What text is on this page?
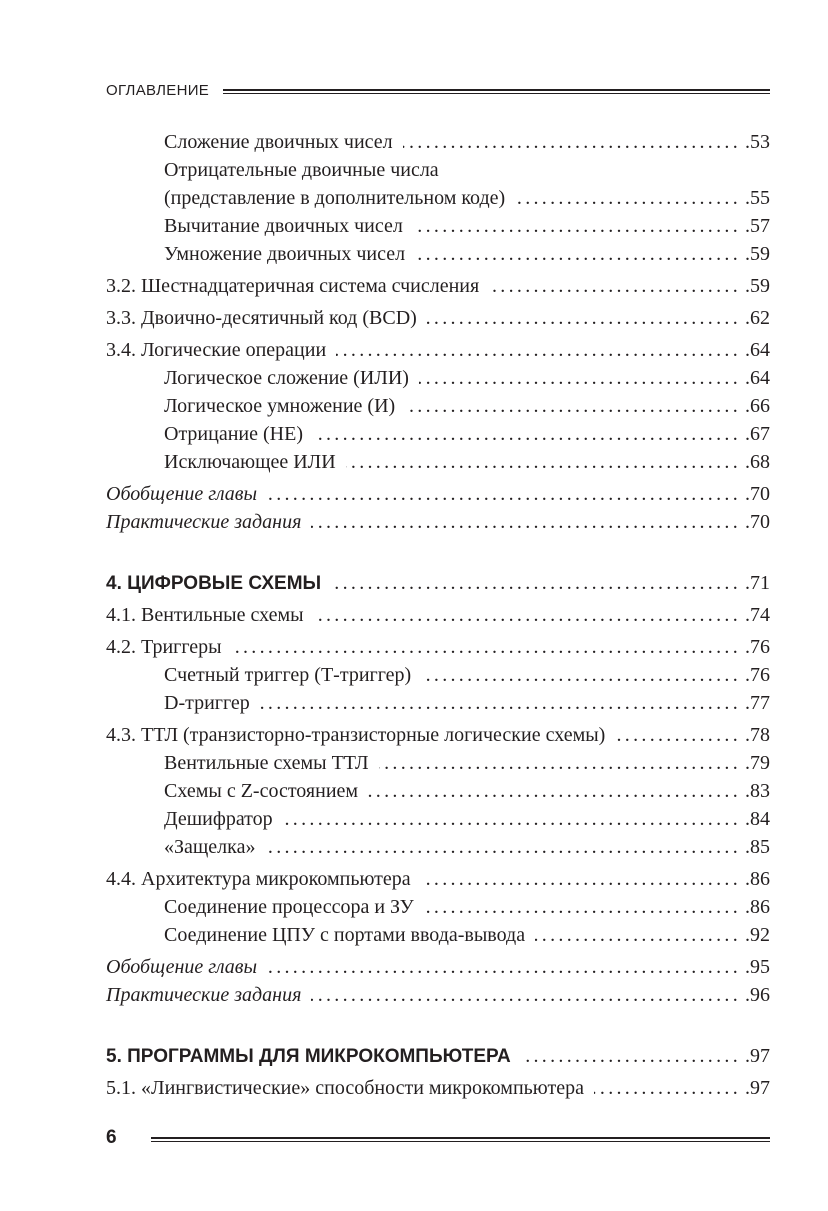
ОГЛАВЛЕНИЕ
Сложение двоичных чисел .....	.53
Отрицательные двоичные числа
(представление в дополнительном коде) .....	.55
Вычитание двоичных чисел .....	.57
Умножение двоичных чисел .....	.59
3.2. Шестнадцатеричная система счисления .....	.59
3.3. Двоично-десятичный код (BCD) .....	.62
3.4. Логические операции .....	.64
Логическое сложение (ИЛИ) .....	.64
Логическое умножение (И) .....	.66
Отрицание (НЕ) .....	.67
Исключающее ИЛИ .....	.68
Обобщение главы .....	.70
Практические задания .....	.70
4. ЦИФРОВЫЕ СХЕМЫ .....	.71
4.1. Вентильные схемы .....	.74
4.2. Триггеры .....	.76
Счетный триггер (Т-триггер) .....	.76
D-триггер .....	.77
4.3. ТТЛ (транзисторно-транзисторные логические схемы) .....	.78
Вентильные схемы ТТЛ .....	.79
Схемы с Z-состоянием .....	.83
Дешифратор .....	.84
«Защелка» .....	.85
4.4. Архитектура микрокомпьютера .....	.86
Соединение процессора и ЗУ .....	.86
Соединение ЦПУ с портами ввода-вывода .....	.92
Обобщение главы .....	.95
Практические задания .....	.96
5. ПРОГРАММЫ ДЛЯ МИКРОКОМПЬЮТЕРА .....	.97
5.1. «Лингвистические» способности микрокомпьютера .....	.97
6
